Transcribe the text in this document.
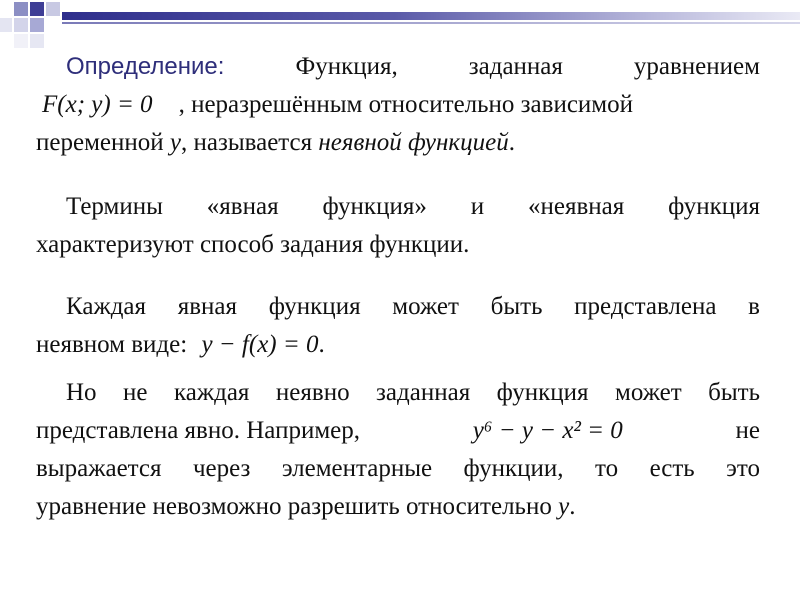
Определение:	Функция,	заданная	уравнением
F(x; y) = 0 , неразрешённым относительно зависимой
переменной y, называется неявной функцией.
Термины «явная функция» и «неявная функция
характеризуют способ задания функции.
Каждая явная функция может быть представлена в
неявном виде: y − f(x) = 0.
Но не каждая неявно заданная функция может быть
представлена явно. Например,	y⁶ − y − x² = 0	не
выражается через элементарные функции, то есть это
уравнение невозможно разрешить относительно y.
